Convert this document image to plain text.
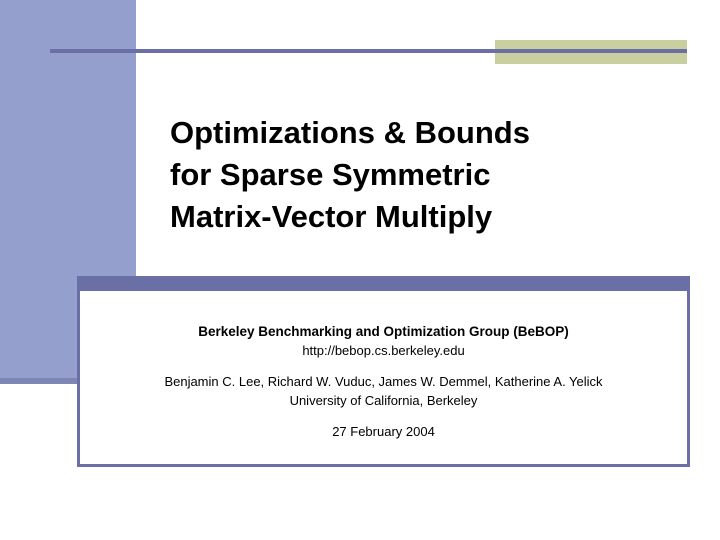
Optimizations & Bounds
for Sparse Symmetric
Matrix-Vector Multiply
Berkeley Benchmarking and Optimization Group (BeBOP)
http://bebop.cs.berkeley.edu
Benjamin C. Lee, Richard W. Vuduc, James W. Demmel, Katherine A. Yelick
University of California, Berkeley
27 February 2004
